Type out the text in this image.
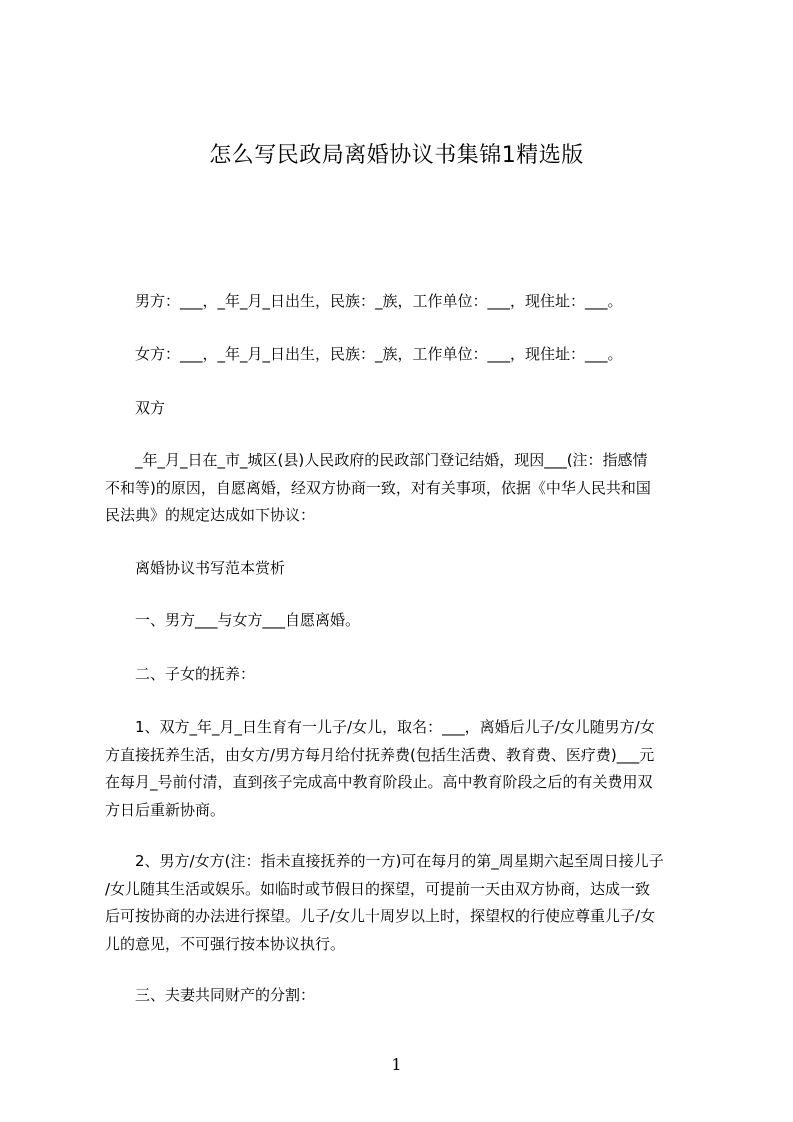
怎么写民政局离婚协议书集锦1精选版
男方：___，_年_月_日出生，民族：_族，工作单位：___，现住址：___。
女方：___，_年_月_日出生，民族：_族，工作单位：___，现住址：___。
双方
_年_月_日在_市_城区(县)人民政府的民政部门登记结婚，现因___(注：指感情
不和等)的原因，自愿离婚，经双方协商一致，对有关事项，依据《中华人民共和国
民法典》的规定达成如下协议：
离婚协议书写范本赏析
一、男方___与女方___自愿离婚。
二、子女的抚养：
1、双方_年_月_日生育有一儿子/女儿，取名：___，离婚后儿子/女儿随男方/女
方直接抚养生活，由女方/男方每月给付抚养费(包括生活费、教育费、医疗费)___元
在每月_号前付清，直到孩子完成高中教育阶段止。高中教育阶段之后的有关费用双
方日后重新协商。
2、男方/女方(注：指未直接抚养的一方)可在每月的第_周星期六起至周日接儿子
/女儿随其生活或娱乐。如临时或节假日的探望，可提前一天由双方协商，达成一致
后可按协商的办法进行探望。儿子/女儿十周岁以上时，探望权的行使应尊重儿子/女
儿的意见，不可强行按本协议执行。
三、夫妻共同财产的分割：
1
